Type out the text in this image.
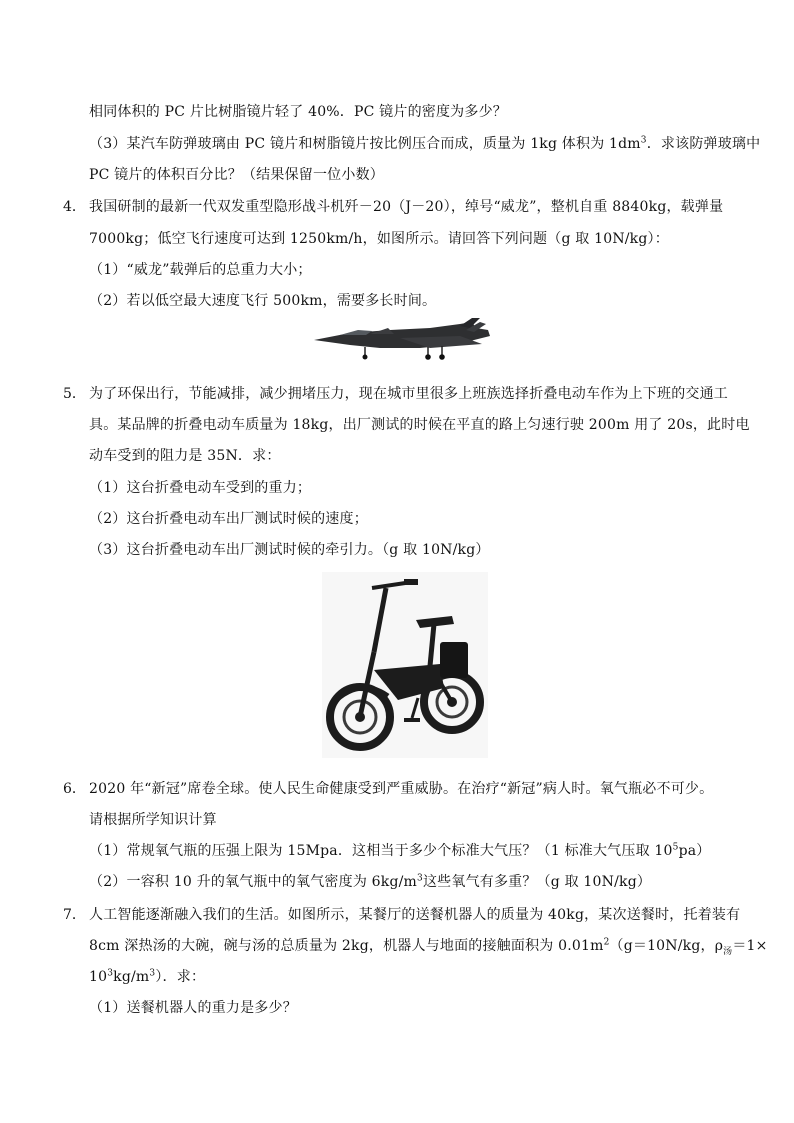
相同体积的 PC 片比树脂镜片轻了 40%．PC 镜片的密度为多少？
（3）某汽车防弹玻璃由 PC 镜片和树脂镜片按比例压合而成，质量为 1kg 体积为 $1dm^3$．求该防弹玻璃中
PC 镜片的体积百分比？（结果保留一位小数）
4． 我国研制的最新一代双发重型隐形战斗机歼－20（J－20），绰号“威龙”，整机自重 8840kg，载弹量
7000kg；低空飞行速度可达到 1250km/h，如图所示。请回答下列问题（g 取 10N/kg）：
（1）“威龙”载弹后的总重力大小；
（2）若以低空最大速度飞行 500km，需要多长时间。
5． 为了环保出行，节能减排，减少拥堵压力，现在城市里很多上班族选择折叠电动车作为上下班的交通工
具。某品牌的折叠电动车质量为 18kg，出厂测试的时候在平直的路上匀速行驶 200m 用了 20s，此时电
动车受到的阻力是 35N．求：
（1）这台折叠电动车受到的重力；
（2）这台折叠电动车出厂测试时候的速度；
（3）这台折叠电动车出厂测试时候的牵引力。（g 取 10N/kg）
6． 2020 年“新冠”席卷全球。使人民生命健康受到严重威胁。在治疗“新冠”病人时。氧气瓶必不可少。
请根据所学知识计算
（1）常规氧气瓶的压强上限为 15Mpa．这相当于多少个标准大气压？（1 标准大气压取 $10^5pa$）
（2）一容积 10 升的氧气瓶中的氧气密度为 $6kg/m^3$这些氧气有多重？（g 取 10N/kg）
7． 人工智能逐渐融入我们的生活。如图所示，某餐厅的送餐机器人的质量为 40kg，某次送餐时，托着装有
8cm 深热汤的大碗，碗与汤的总质量为 2kg，机器人与地面的接触面积为 $0.01m^2(g=10N/kg$，$\rho_汤=1\times$
$10^3kg/m^3$）．求：
（1）送餐机器人的重力是多少？
